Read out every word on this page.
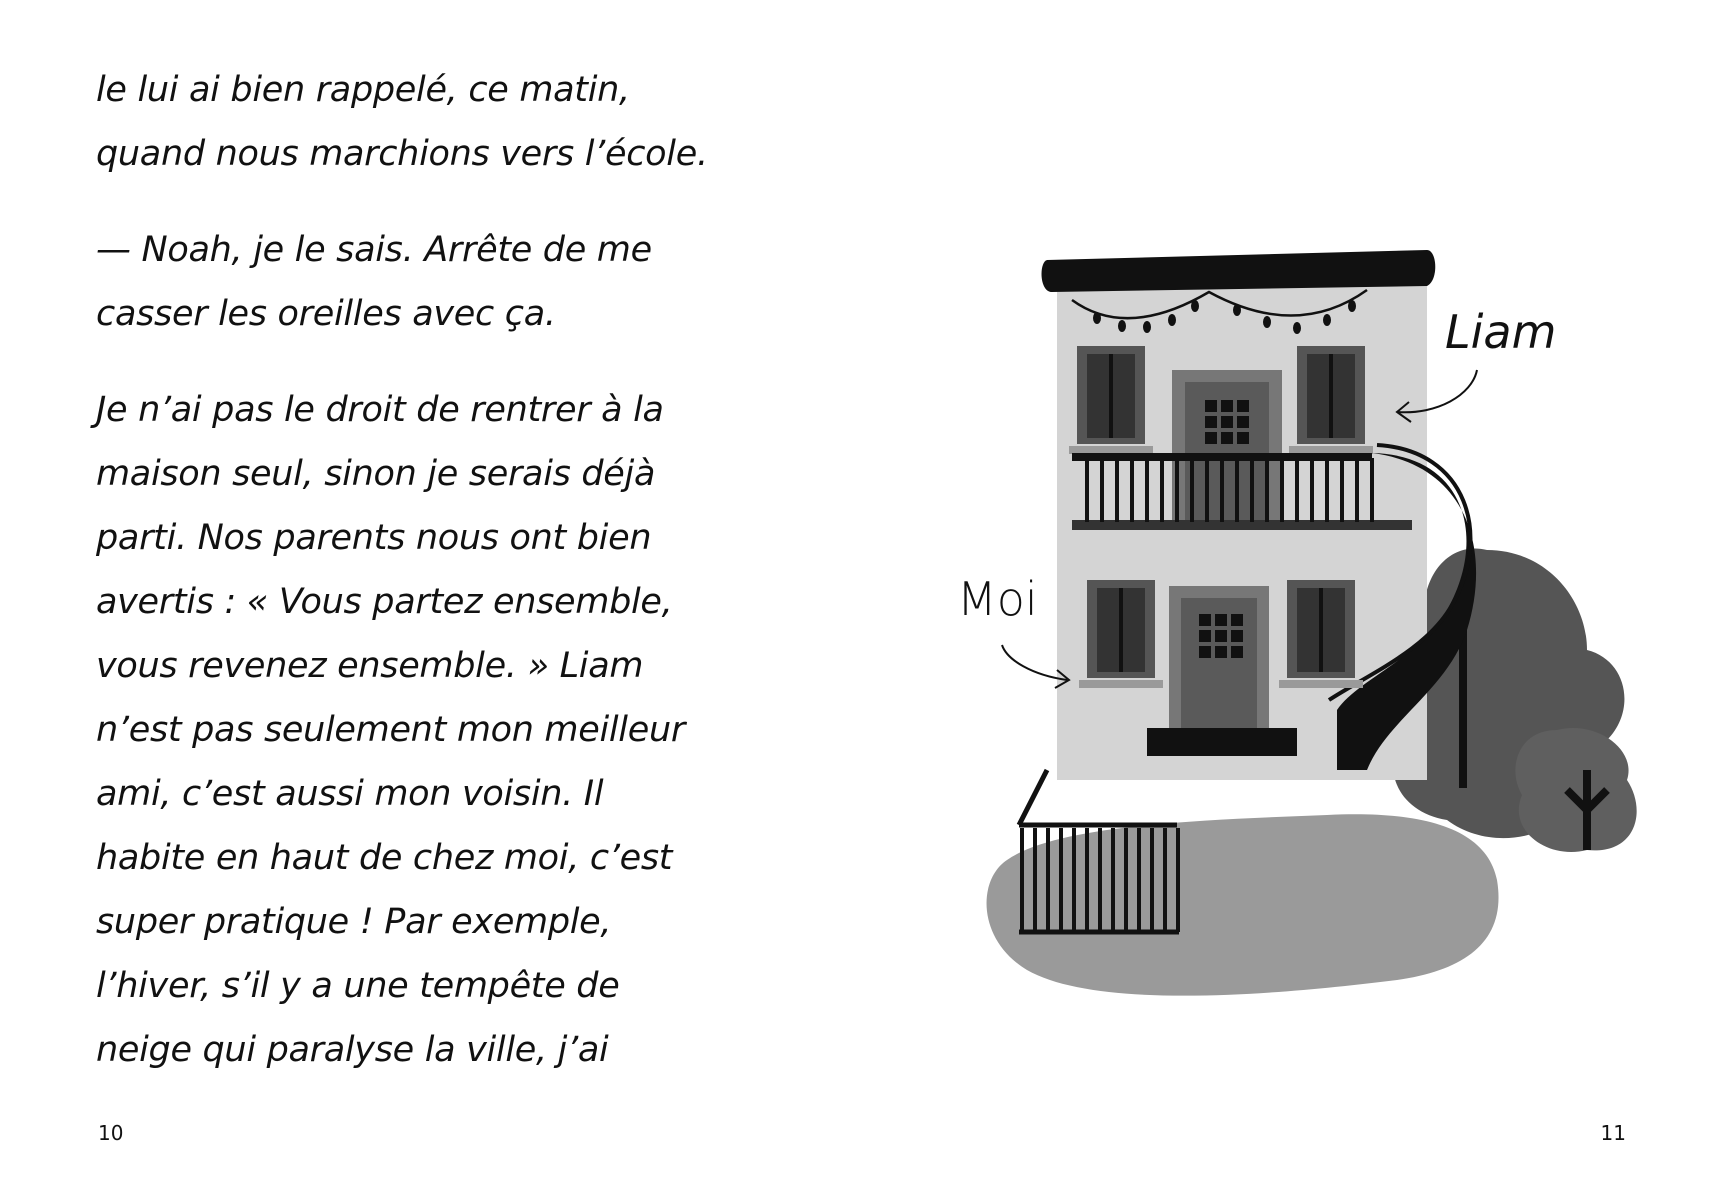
le lui ai bien rappelé, ce matin,
quand nous marchions vers l’école.

— Noah, je le sais. Arrête de me
casser les oreilles avec ça.

Je n’ai pas le droit de rentrer à la
maison seul, sinon je serais déjà
parti. Nos parents nous ont bien
avertis : « Vous partez ensemble,
vous revenez ensemble. » Liam
n’est pas seulement mon meilleur
ami, c’est aussi mon voisin. Il
habite en haut de chez moi, c’est
super pratique ! Par exemple,
l’hiver, s’il y a une tempête de
neige qui paralyse la ville, j’ai

10
Liam
Moi
11
